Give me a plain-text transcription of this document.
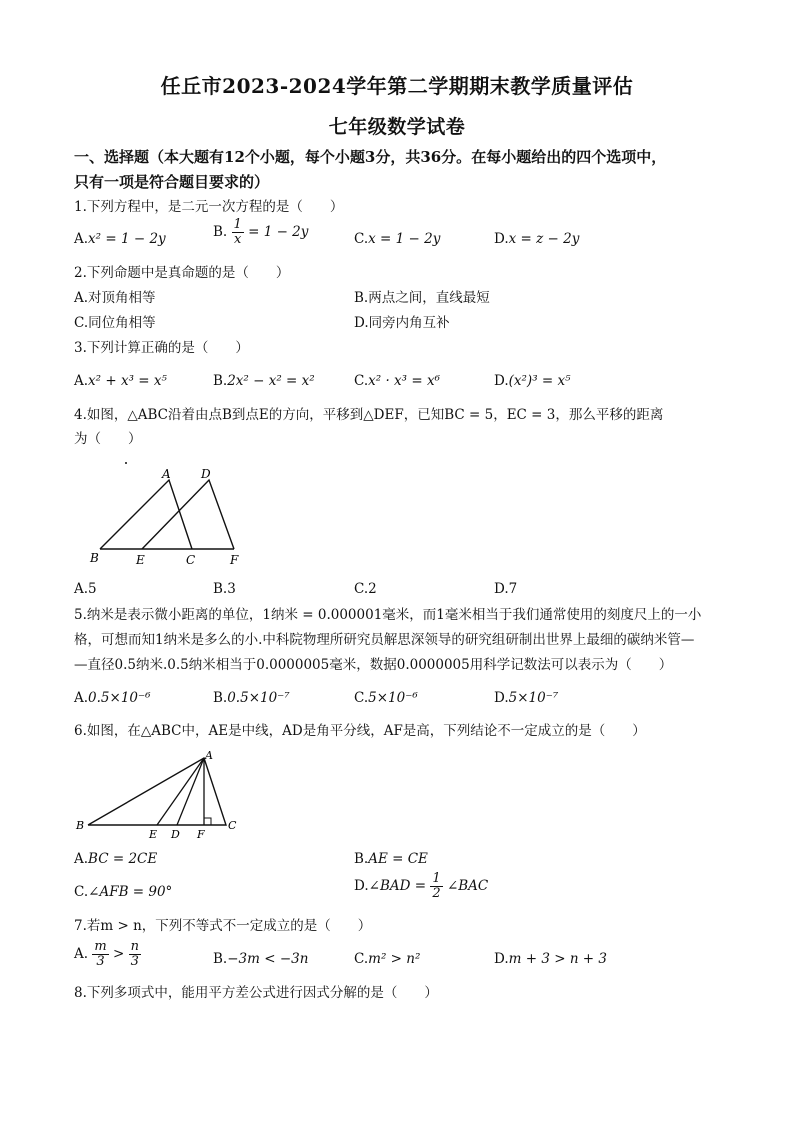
任丘市2023-2024学年第二学期期末教学质量评估
七年级数学试卷
一、选择题（本大题有12个小题，每个小题3分，共36分。在每小题给出的四个选项中，
只有一项是符合题目要求的）
1.下列方程中，是二元一次方程的是（　　）
A.x² = 1 − 2y	B. $\frac{1}{x} = 1 - 2y$	C.x = 1 − 2y	D.x = z − 2y
2.下列命题中是真命题的是（　　）
A.对顶角相等	B.两点之间，直线最短
C.同位角相等	D.同旁内角互补
3.下列计算正确的是（　　）
A.x² + x³ = x⁵	B.2x² − x² = x²	C.x² · x³ = x⁶	D.(x²)³ = x⁵
4.如图，△ABC沿着由点B到点E的方向，平移到△DEF，已知BC = 5，EC = 3，那么平移的距离
为（　　）
A	D
B	E	C	F
A.5	B.3	C.2	D.7
5.纳米是表示微小距离的单位，1纳米 = 0.000001毫米，而1毫米相当于我们通常使用的刻度尺上的一小
格，可想而知1纳米是多么的小.中科院物理所研究员解思深领导的研究组研制出世界上最细的碳纳米管—
—直径0.5纳米.0.5纳米相当于0.0000005毫米，数据0.0000005用科学记数法可以表示为（　　）
A.0.5×10⁻⁶	B.0.5×10⁻⁷	C.5×10⁻⁶	D.5×10⁻⁷
6.如图，在△ABC中，AE是中线，AD是角平分线，AF是高，下列结论不一定成立的是（　　）
A
B
E D F
C
A.BC = 2CE	B.AE = CE
C.∠AFB = 90°	D.∠BAD = $\frac{1}{2}$ ∠BAC
7.若m > n，下列不等式不一定成立的是（　　）
A. $\frac{m}{3} > \frac{n}{3}$	B.−3m < −3n	C.m² > n²	D.m + 3 > n + 3
8.下列多项式中，能用平方差公式进行因式分解的是（　　）
